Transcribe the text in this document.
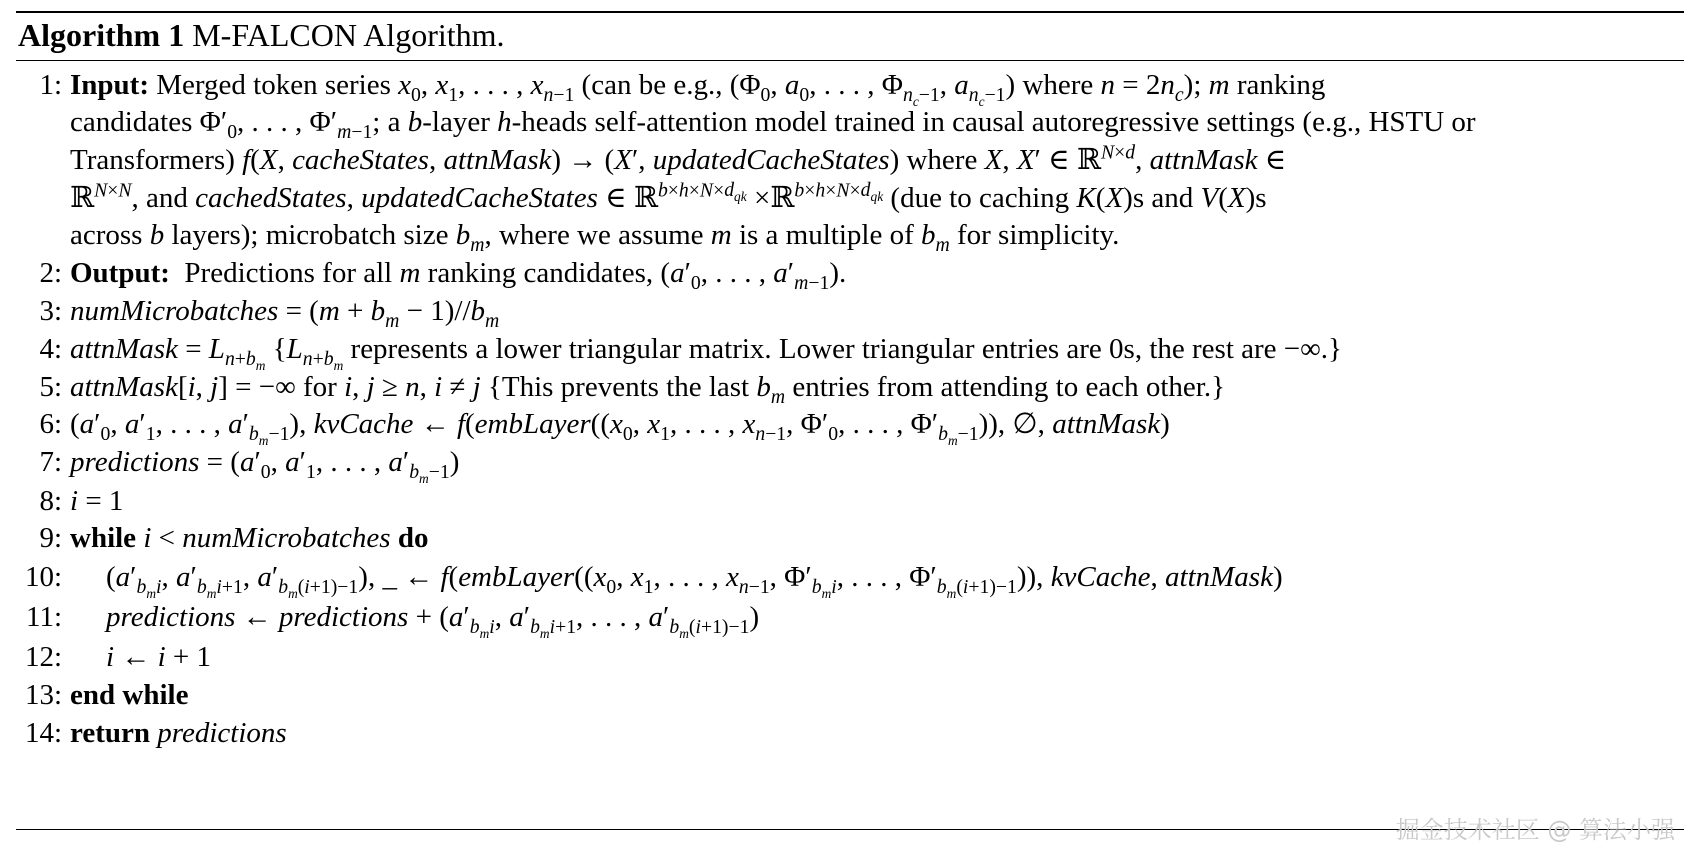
Algorithm 1 M-FALCON Algorithm.
1: Input: Merged token series $x_0$, $x_1$, . . . , $x_{n-1}$ (can be e.g., ($\Phi_0$, $a_0$, . . . , $\Phi_{n_c-1}$, $a_{n_c-1}$) where $n = 2n_c$); m ranking
candidates $\Phi'_0$, . . . , $\Phi'_{m-1}$; a b-layer h-heads self-attention model trained in causal autoregressive settings (e.g., HSTU or
Transformers) f(X, cacheStates, attnMask) → (X′, updatedCacheStates) where X, X′ ∈ ℝ$^{N\times d}$, attnMask ∈
ℝ$^{N\times N}$, and cachedStates, updatedCacheStates ∈ ℝ$^{b\times h\times N\times d_{qk}}$ ×ℝ$^{b\times h\times N\times d_{qk}}$ (due to caching K(X)s and V(X)s
across b layers); microbatch size $b_m$, where we assume m is a multiple of $b_m$ for simplicity.
2: Output:  Predictions for all m ranking candidates, ($a'_0$, . . . , $a'_{m-1}$).
3: numMicrobatches = $(m + b_m - 1)//b_m$
4: attnMask = $L_{n+b_m}$ {$L_{n+b_m}$ represents a lower triangular matrix. Lower triangular entries are 0s, the rest are −∞.}
5: attnMask[i, j] = −∞ for i, j ≥ n, i ≠ j {This prevents the last $b_m$ entries from attending to each other.}
6: ($a'_0$, $a'_1$, . . . , $a'_{b_m-1}$), kvCache ← $f(embLayer((x_0$, $x_1$, . . . , $x_{n-1}$, $\Phi'_0$, . . . , $\Phi'_{b_m-1}$)), ∅, attnMask)
7: predictions = ($a'_0$, $a'_1$, . . . , $a'_{b_m-1}$)
8: i = 1
9: while i < numMicrobatches do
10: ($a'_{b_mi}$, $a'_{b_mi+1}$, $a'_{b_m(i+1)-1}$), _ ← $f(embLayer((x_0$, $x_1$, . . . , $x_{n-1}$, $\Phi'_{b_mi}$, . . . , $\Phi'_{b_m(i+1)-1}$)), kvCache, attnMask)
11: predictions ← predictions + ($a'_{b_mi}$, $a'_{b_mi+1}$, . . . , $a'_{b_m(i+1)-1}$)
12: i ← i + 1
13: end while
14: return predictions
掘金技术社区 @ 算法小强
